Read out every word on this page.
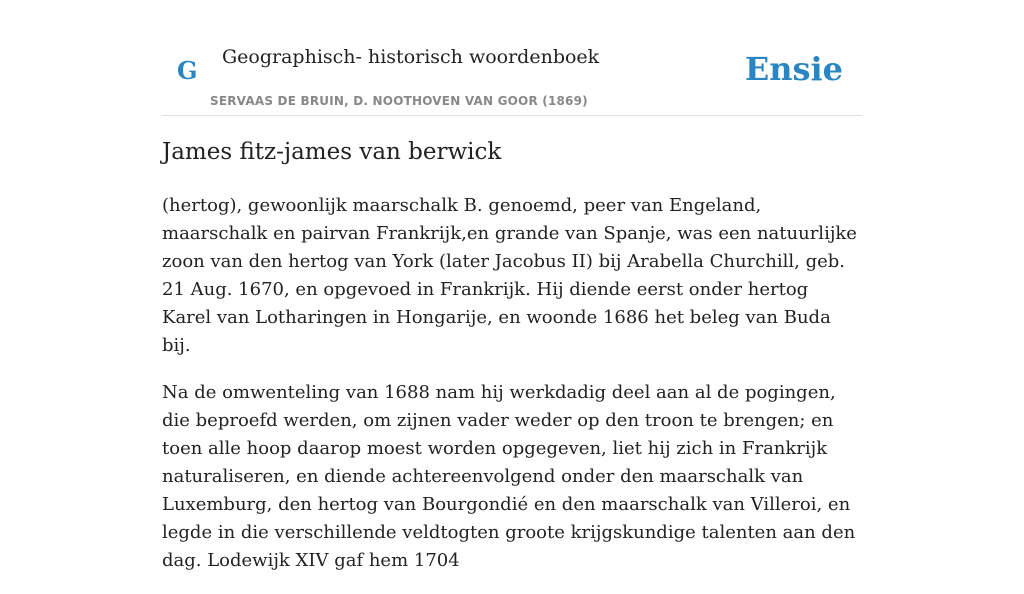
G Geographisch- historisch woordenboek
SERVAAS DE BRUIN, D. NOOTHOVEN VAN GOOR (1869)
Ensie
James fitz-james van berwick

(hertog), gewoonlijk maarschalk B. genoemd, peer van Engeland, maarschalk en pairvan Frankrijk,en grande van Spanje, was een natuurlijke zoon van den hertog van York (later Jacobus II) bij Arabella Churchill, geb. 21 Aug. 1670, en opgevoed in Frankrijk. Hij diende eerst onder hertog Karel van Lotharingen in Hongarije, en woonde 1686 het beleg van Buda bij.

Na de omwenteling van 1688 nam hij werkdadig deel aan al de pogingen, die beproefd werden, om zijnen vader weder op den troon te brengen; en toen alle hoop daarop moest worden opgegeven, liet hij zich in Frankrijk naturaliseren, en diende achtereenvolgend onder den maarschalk van Luxemburg, den hertog van Bourgondié en den maarschalk van Villeroi, en legde in die verschillende veldtogten groote krijgskundige talenten aan den dag. Lodewijk XIV gaf hem 1704
